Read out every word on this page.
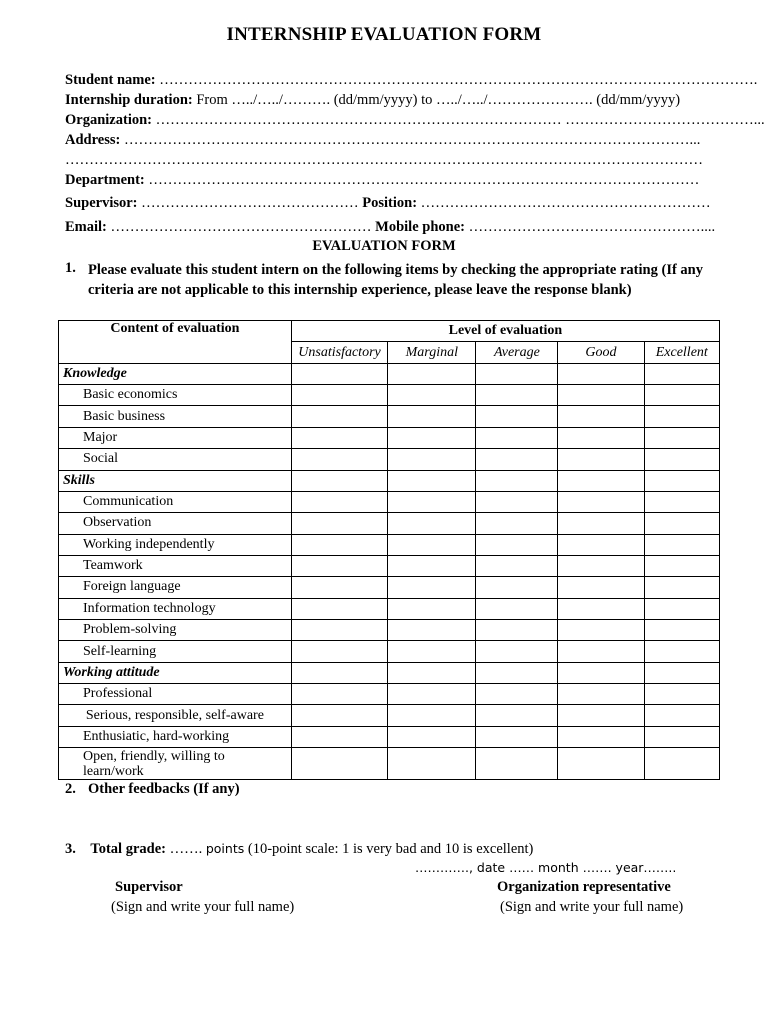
INTERNSHIP EVALUATION FORM
Student name: …………………………………………………………………………………………………………….
Internship duration: From …../…../………. (dd/mm/yyyy) to …../…../…………………. (dd/mm/yyyy)
Organization: ………………………………………………………………………… …………………………………...
Address: ………………………………………………………………………………………………………...
……………………………………………………………………………………………………………………
Department: ……………………………………………………………………………………………………
Supervisor: ……………………………………… Position: ……………………………………………………
Email: ……………………………………………… Mobile phone: …………………………………………....
EVALUATION FORM
1. Please evaluate this student intern on the following items by checking the appropriate rating (If any criteria are not applicable to this internship experience, please leave the response blank)
Content of evaluation	Level of evaluation				
	Unsatisfactory	Marginal	Average	Good	Excellent
Knowledge					
Basic economics					
Basic business					
Major					
Social					
Skills					
Communication					
Observation					
Working independently					
Teamwork					
Foreign language					
Information technology					
Problem-solving					
Self-learning					
Working attitude					
Professional					
Serious, responsible, self-aware					
Enthusiatic, hard-working					
Open, friendly, willing to learn/work					
2. Other feedbacks (If any)
3. Total grade: ……. points (10-point scale: 1 is very bad and 10 is excellent)
…………., date …… month ……. year……..
Supervisor
(Sign and write your full name)
Organization representative
(Sign and write your full name)
